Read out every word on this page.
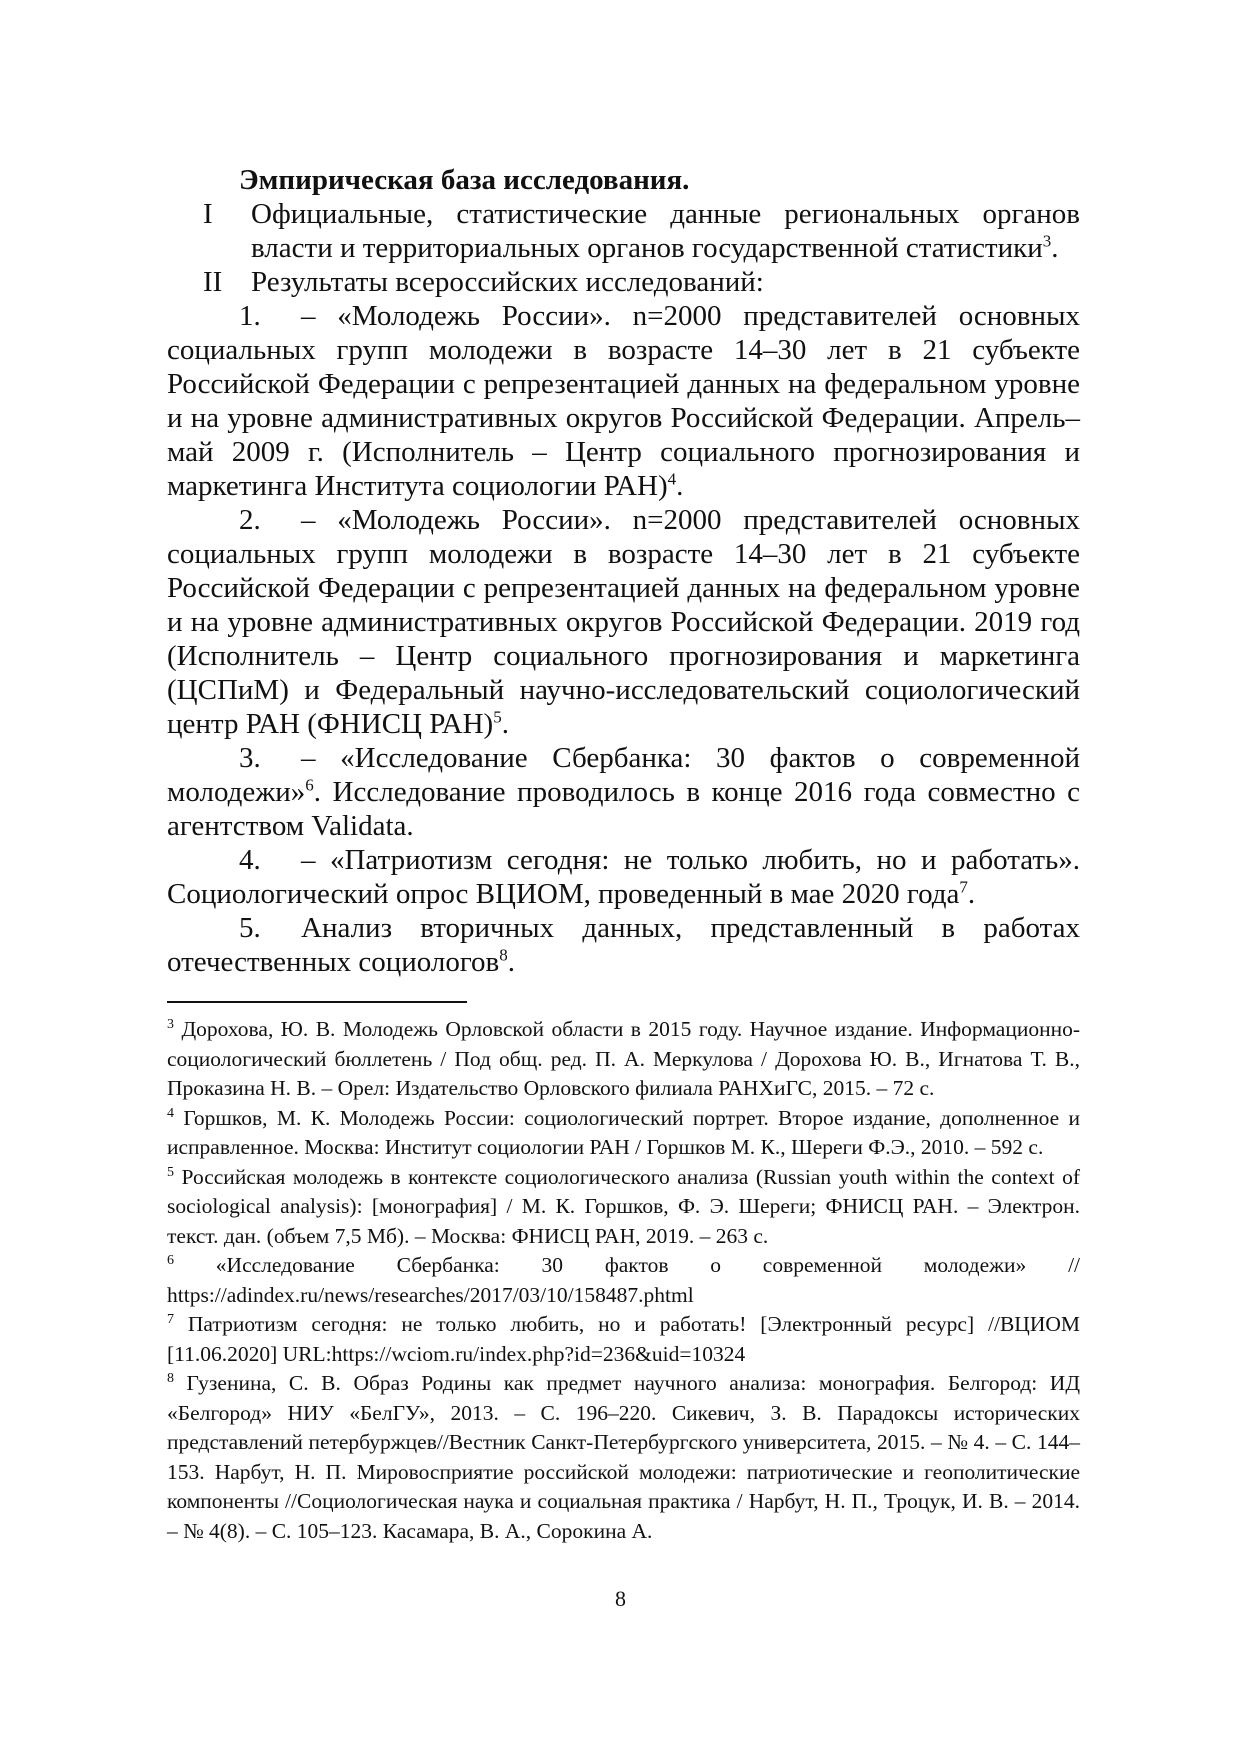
Эмпирическая база исследования.

I	Официальные, статистические данные региональных органов власти и территориальных органов государственной статистики$^3$.

II Результаты всероссийских исследований:

1. – «Молодежь России». n=2000 представителей основных социальных групп молодежи в возрасте 14–30 лет в 21 субъекте Российской Федерации с репрезентацией данных на федеральном уровне и на уровне административных округов Российской Федерации. Апрель–май 2009 г. (Исполнитель – Центр социального прогнозирования и маркетинга Института социологии РАН)$^4$.

2. – «Молодежь России». n=2000 представителей основных социальных групп молодежи в возрасте 14–30 лет в 21 субъекте Российской Федерации с репрезентацией данных на федеральном уровне и на уровне административных округов Российской Федерации. 2019 год (Исполнитель – Центр социального прогнозирования и маркетинга (ЦСПиМ) и Федеральный научно-исследовательский социологический центр РАН (ФНИСЦ РАН)$^5$.

3. – «Исследование Сбербанка: 30 фактов о современной молодежи»$^6$. Исследование проводилось в конце 2016 года совместно с агентством Validata.

4. – «Патриотизм сегодня: не только любить, но и работать». Социологический опрос ВЦИОМ, проведенный в мае 2020 года$^7$.

5. Анализ вторичных данных, представленный в работах отечественных социологов$^8$.

$^3$ Дорохова, Ю. В. Молодежь Орловской области в 2015 году. Научное издание. Информационно-социологический бюллетень / Под общ. ред. П. А. Меркулова / Дорохова Ю. В., Игнатова Т. В., Проказина Н. В. – Орел: Издательство Орловского филиала РАНХиГС, 2015. – 72 с.

$^4$ Горшков, М. К. Молодежь России: социологический портрет. Второе издание, дополненное и исправленное. Москва: Институт социологии РАН / Горшков М. К., Шереги Ф.Э., 2010. – 592 с.

$^5$ Российская молодежь в контексте социологического анализа (Russian youth within the context of sociological analysis): [монография] / М. К. Горшков, Ф. Э. Шереги; ФНИСЦ РАН. – Электрон. текст. дан. (объем 7,5 Мб). – Москва: ФНИСЦ РАН, 2019. – 263 с.

$^6$ «Исследование Сбербанка: 30 фактов о современной молодежи» // https://adindex.ru/news/researches/2017/03/10/158487.phtml

$^7$ Патриотизм сегодня: не только любить, но и работать! [Электронный ресурс] //ВЦИОМ [11.06.2020] URL:https://wciom.ru/index.php?id=236&uid=10324

$^8$ Гузенина, С. В. Образ Родины как предмет научного анализа: монография. Белгород: ИД «Белгород» НИУ «БелГУ», 2013. – С. 196–220. Сикевич, З. В. Парадоксы исторических представлений петербуржцев//Вестник Санкт-Петербургского университета, 2015. – № 4. – С. 144–153. Нарбут, Н. П. Мировосприятие российской молодежи: патриотические и геополитические компоненты //Социологическая наука и социальная практика / Нарбут, Н. П., Троцук, И. В. – 2014. – № 4(8). – С. 105–123. Касамара, В. А., Сорокина А.

8
